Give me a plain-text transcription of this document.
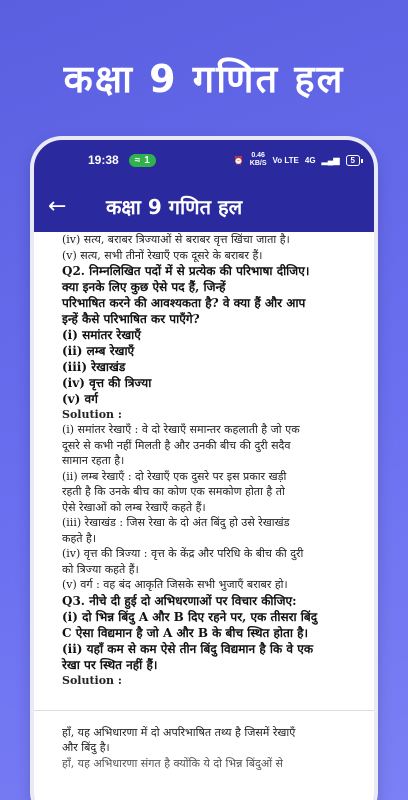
कक्षा 9 गणित हल
19:38 ≈ 1	⏰ 0.46
KB/S Vo LTE 4G ▂▄▆	5
←	कक्षा 9 गणित हल
(iv) सत्य, बराबर त्रिज्याओं से बराबर वृत्त खिंचा जाता है।
(v) सत्य, सभी तीनों रेखाएँ एक दूसरे के बराबर हैं।
Q2. निम्नलिखित पदों में से प्रत्येक की परिभाषा दीजिए।
क्या इनके लिए कुछ ऐसे पद हैं, जिन्हें
परिभाषित करने की आवश्यकता है? वे क्या हैं और आप
इन्हें कैसे परिभाषित कर पाएँगे?
(i) समांतर रेखाएँ
(ii) लम्ब रेखाएँ
(iii) रेखाखंड
(iv) वृत्त की त्रिज्या
(v) वर्ग
Solution :
(i) समांतर रेखाएँ : वे दो रेखाएँ समान्तर कहलाती है जो एक
दूसरे से कभी नहीं मिलती है और उनकी बीच की दुरी सदैव
सामान रहता है।
(ii) लम्ब रेखाएँ : दो रेखाएँ एक दुसरे पर इस प्रकार खड़ी
रहती है कि उनके बीच का कोण एक समकोण होता है तो
ऐसे रेखाओं को लम्ब रेखाएँ कहते हैं।
(iii) रेखाखंड : जिस रेखा के दो अंत बिंदु हो उसे रेखाखंड
कहते है।
(iv) वृत्त की त्रिज्या : वृत्त के केंद्र और परिधि के बीच की दुरी
को त्रिज्या कहते हैं।
(v) वर्ग : वह बंद आकृति जिसके सभी भुजाएँ बराबर हो।
Q3. नीचे दी हुई दो अभिधरणाओं पर विचार कीजिए:
(i) दो भिन्न बिंदु A और B दिए रहने पर, एक तीसरा बिंदु
C ऐसा विद्यमान है जो A और B के बीच स्थित होता है।
(ii) यहाँ कम से कम ऐसे तीन बिंदु विद्यमान है कि वे एक
रेखा पर स्थित नहीं हैं।
Solution :
हाँ, यह अभिधारणा में दो अपरिभाषित तथ्य है जिसमें रेखाएँ
और बिंदु है।
हाँ, यह अभिधारणा संगत है क्योंकि ये दो भिन्न बिंदुओं से
